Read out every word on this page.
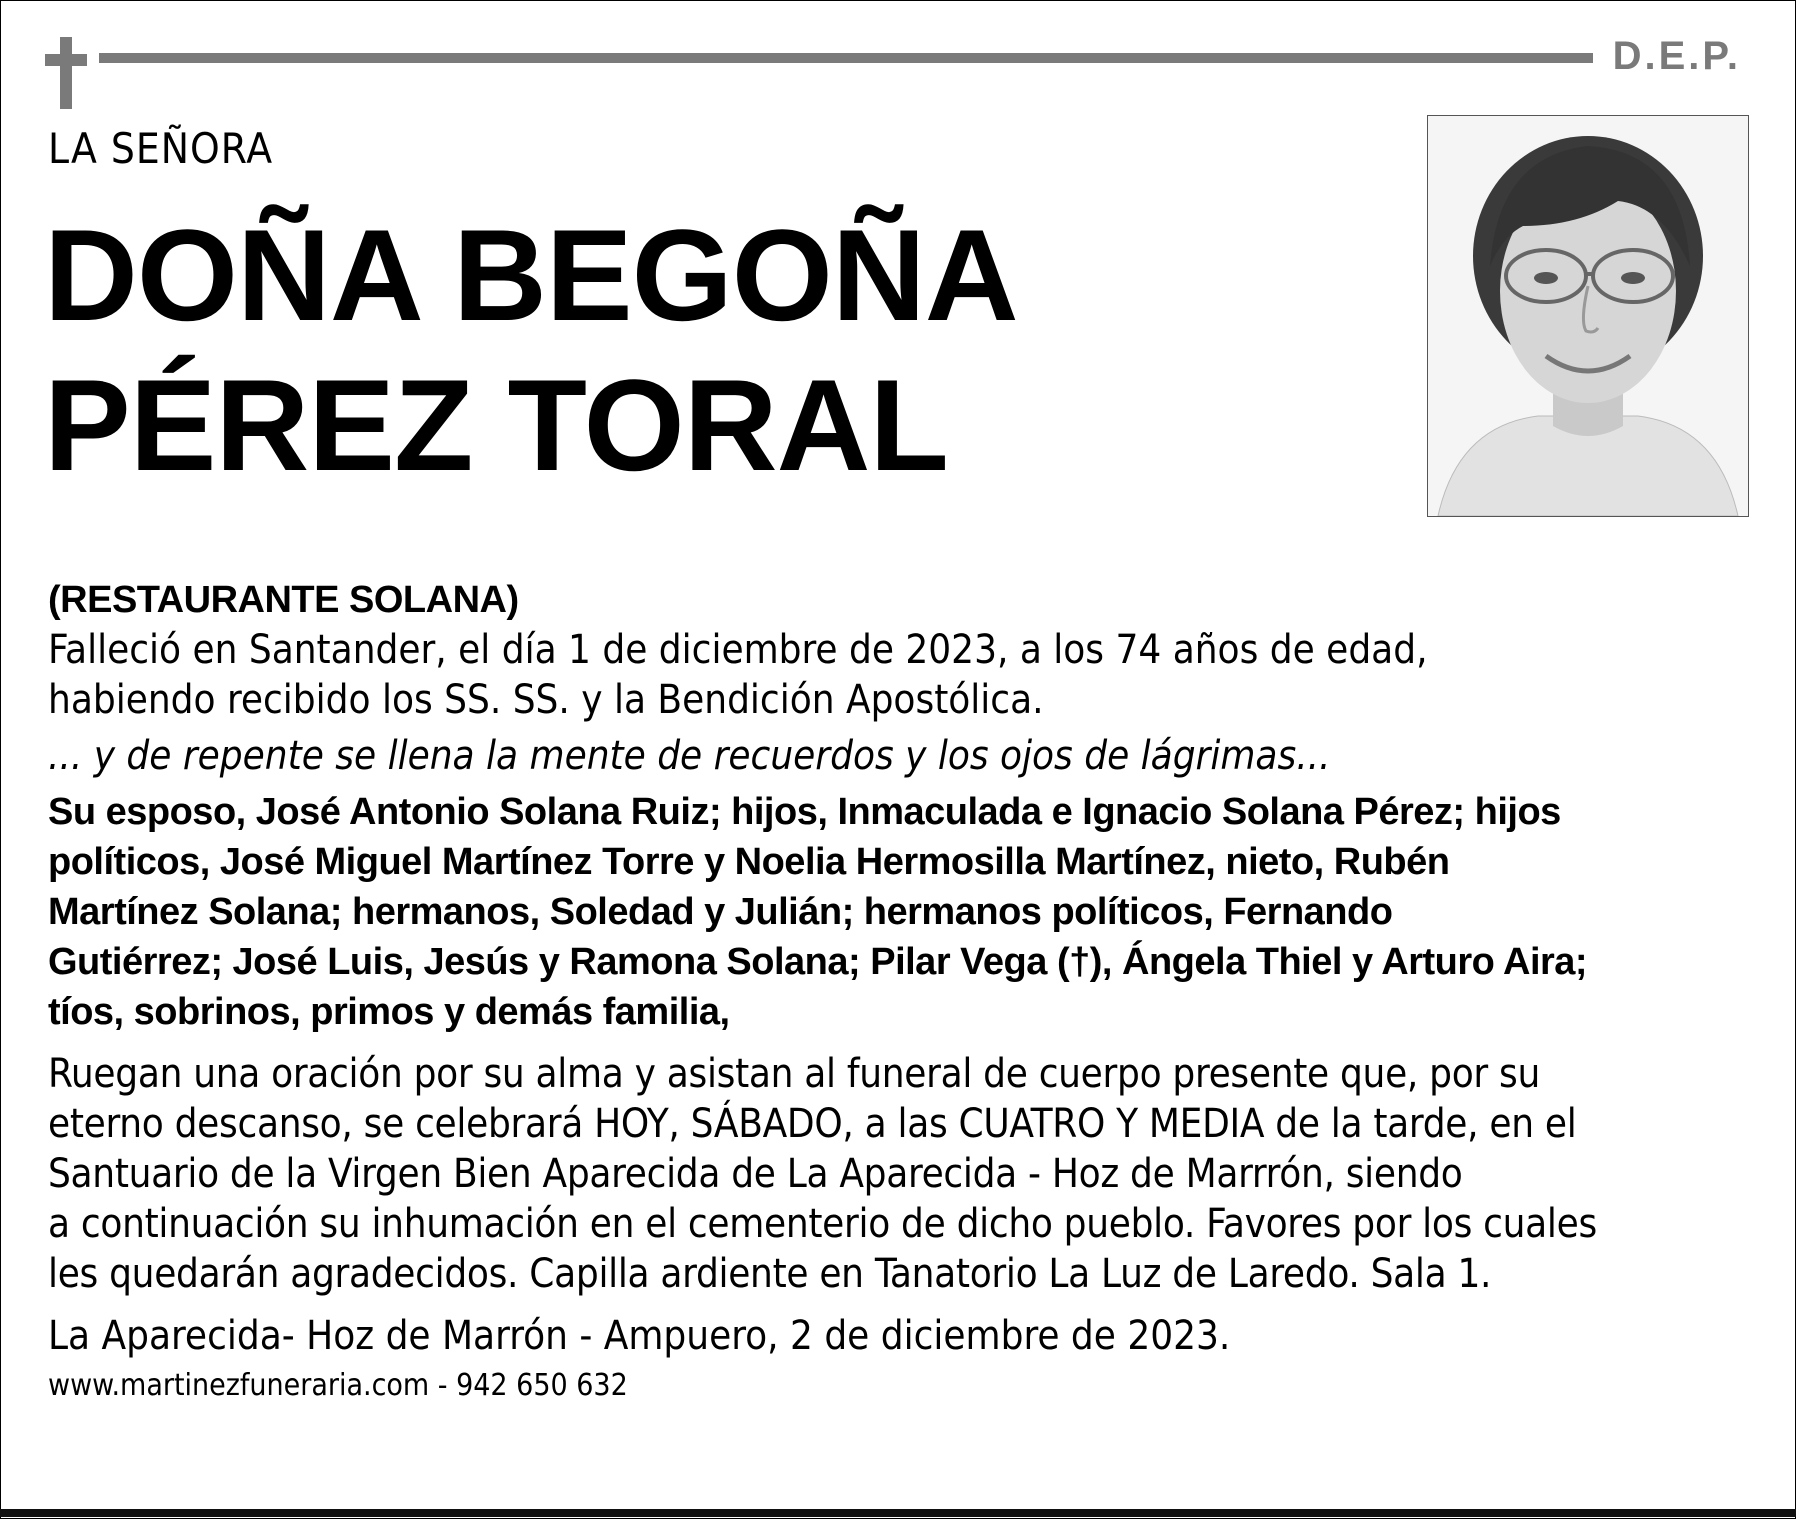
D.E.P.
LA SEÑORA
DOÑA BEGOÑA
PÉREZ TORAL

(RESTAURANTE SOLANA)

Falleció en Santander, el día 1 de diciembre de 2023, a los 74 años de edad,

habiendo recibido los SS. SS. y la Bendición Apostólica.

... y de repente se llena la mente de recuerdos y los ojos de lágrimas...

Su esposo, José Antonio Solana Ruiz; hijos, Inmaculada e Ignacio Solana Pérez; hijos

políticos, José Miguel Martínez Torre y Noelia Hermosilla Martínez, nieto, Rubén

Martínez Solana; hermanos, Soledad y Julián; hermanos políticos, Fernando

Gutiérrez; José Luis, Jesús y Ramona Solana; Pilar Vega (†), Ángela Thiel y Arturo Aira;

tíos, sobrinos, primos y demás familia,

Ruegan una oración por su alma y asistan al funeral de cuerpo presente que, por su

eterno descanso, se celebrará HOY, SÁBADO, a las CUATRO Y MEDIA de la tarde, en el

Santuario de la Virgen Bien Aparecida de La Aparecida - Hoz de Marrrón, siendo

a continuación su inhumación en el cementerio de dicho pueblo. Favores por los cuales

les quedarán agradecidos. Capilla ardiente en Tanatorio La Luz de Laredo. Sala 1.

La Aparecida- Hoz de Marrón - Ampuero, 2 de diciembre de 2023.

www.martinezfuneraria.com - 942 650 632
